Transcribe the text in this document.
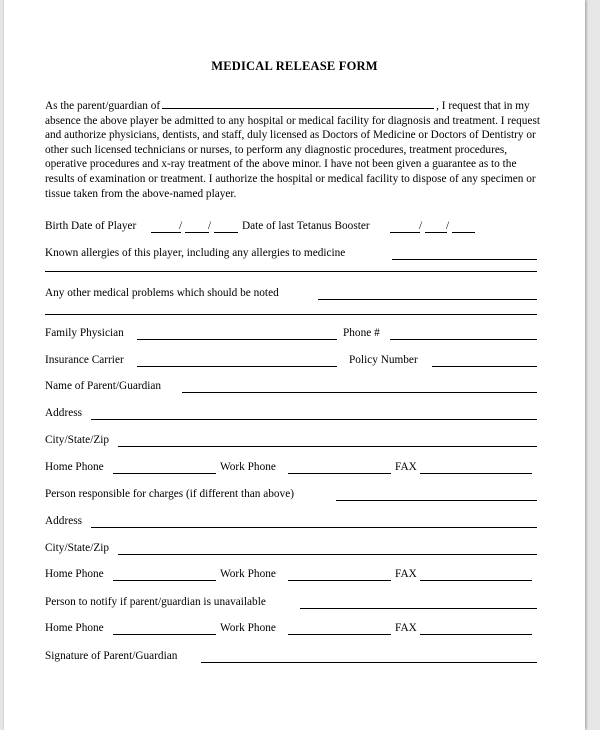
MEDICAL RELEASE FORM
As the parent/guardian of	, I request that in my absence the above player be admitted to any hospital or medical facility for diagnosis and treatment. I request and authorize physicians, dentists, and staff, duly licensed as Doctors of Medicine or Doctors of Dentistry or other such licensed technicians or nurses, to perform any diagnostic procedures, treatment procedures, operative procedures and x-ray treatment of the above minor. I have not been given a guarantee as to the results of examination or treatment. I authorize the hospital or medical facility to dispose of any specimen or tissue taken from the above-named player.
Birth Date of Player	/ /	Date of last Tetanus Booster	/ /
Known allergies of this player, including any allergies to medicine
Any other medical problems which should be noted
Family Physician	Phone #
Insurance Carrier	Policy Number
Name of Parent/Guardian
Address
City/State/Zip
Home Phone	Work Phone	FAX
Person responsible for charges (if different than above)
Address
City/State/Zip
Home Phone	Work Phone	FAX
Person to notify if parent/guardian is unavailable
Home Phone	Work Phone	FAX
Signature of Parent/Guardian
